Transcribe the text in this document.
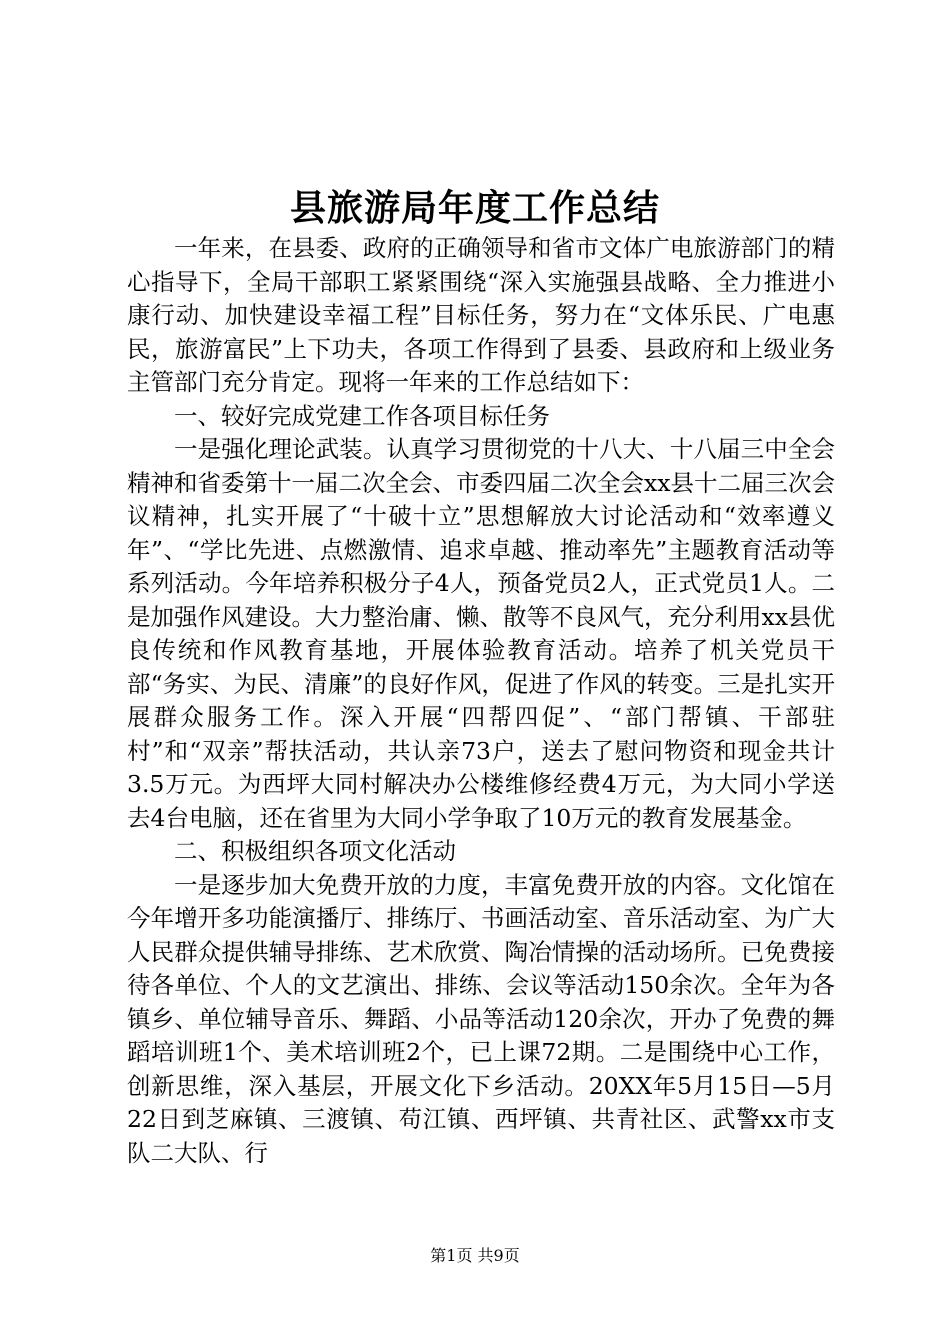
县旅游局年度工作总结

一年来，在县委、政府的正确领导和省市文体广电旅游部门的精心指导下，全局干部职工紧紧围绕“深入实施强县战略、全力推进小康行动、加快建设幸福工程”目标任务，努力在“文体乐民、广电惠民，旅游富民”上下功夫，各项工作得到了县委、县政府和上级业务主管部门充分肯定。现将一年来的工作总结如下：

一、较好完成党建工作各项目标任务

一是强化理论武装。认真学习贯彻党的十八大、十八届三中全会精神和省委第十一届二次全会、市委四届二次全会xx县十二届三次会议精神，扎实开展了“十破十立”思想解放大讨论活动和“效率遵义年”、“学比先进、点燃激情、追求卓越、推动率先”主题教育活动等系列活动。今年培养积极分子4人，预备党员2人，正式党员1人。二是加强作风建设。大力整治庸、懒、散等不良风气，充分利用xx县优良传统和作风教育基地，开展体验教育活动。培养了机关党员干部“务实、为民、清廉”的良好作风，促进了作风的转变。三是扎实开展群众服务工作。深入开展“四帮四促”、“部门帮镇、干部驻村”和“双亲”帮扶活动，共认亲73户，送去了慰问物资和现金共计3.5万元。为西坪大同村解决办公楼维修经费4万元，为大同小学送去4台电脑，还在省里为大同小学争取了10万元的教育发展基金。

二、积极组织各项文化活动

一是逐步加大免费开放的力度，丰富免费开放的内容。文化馆在今年增开多功能演播厅、排练厅、书画活动室、音乐活动室、为广大人民群众提供辅导排练、艺术欣赏、陶冶情操的活动场所。已免费接待各单位、个人的文艺演出、排练、会议等活动150余次。全年为各镇乡、单位辅导音乐、舞蹈、小品等活动120余次，开办了免费的舞蹈培训班1个、美术培训班2个，已上课72期。二是围绕中心工作，创新思维，深入基层，开展文化下乡活动。20XX年5月15日—5月22日到芝麻镇、三渡镇、苟江镇、西坪镇、共青社区、武警xx市支队二大队、行

第1页 共9页
